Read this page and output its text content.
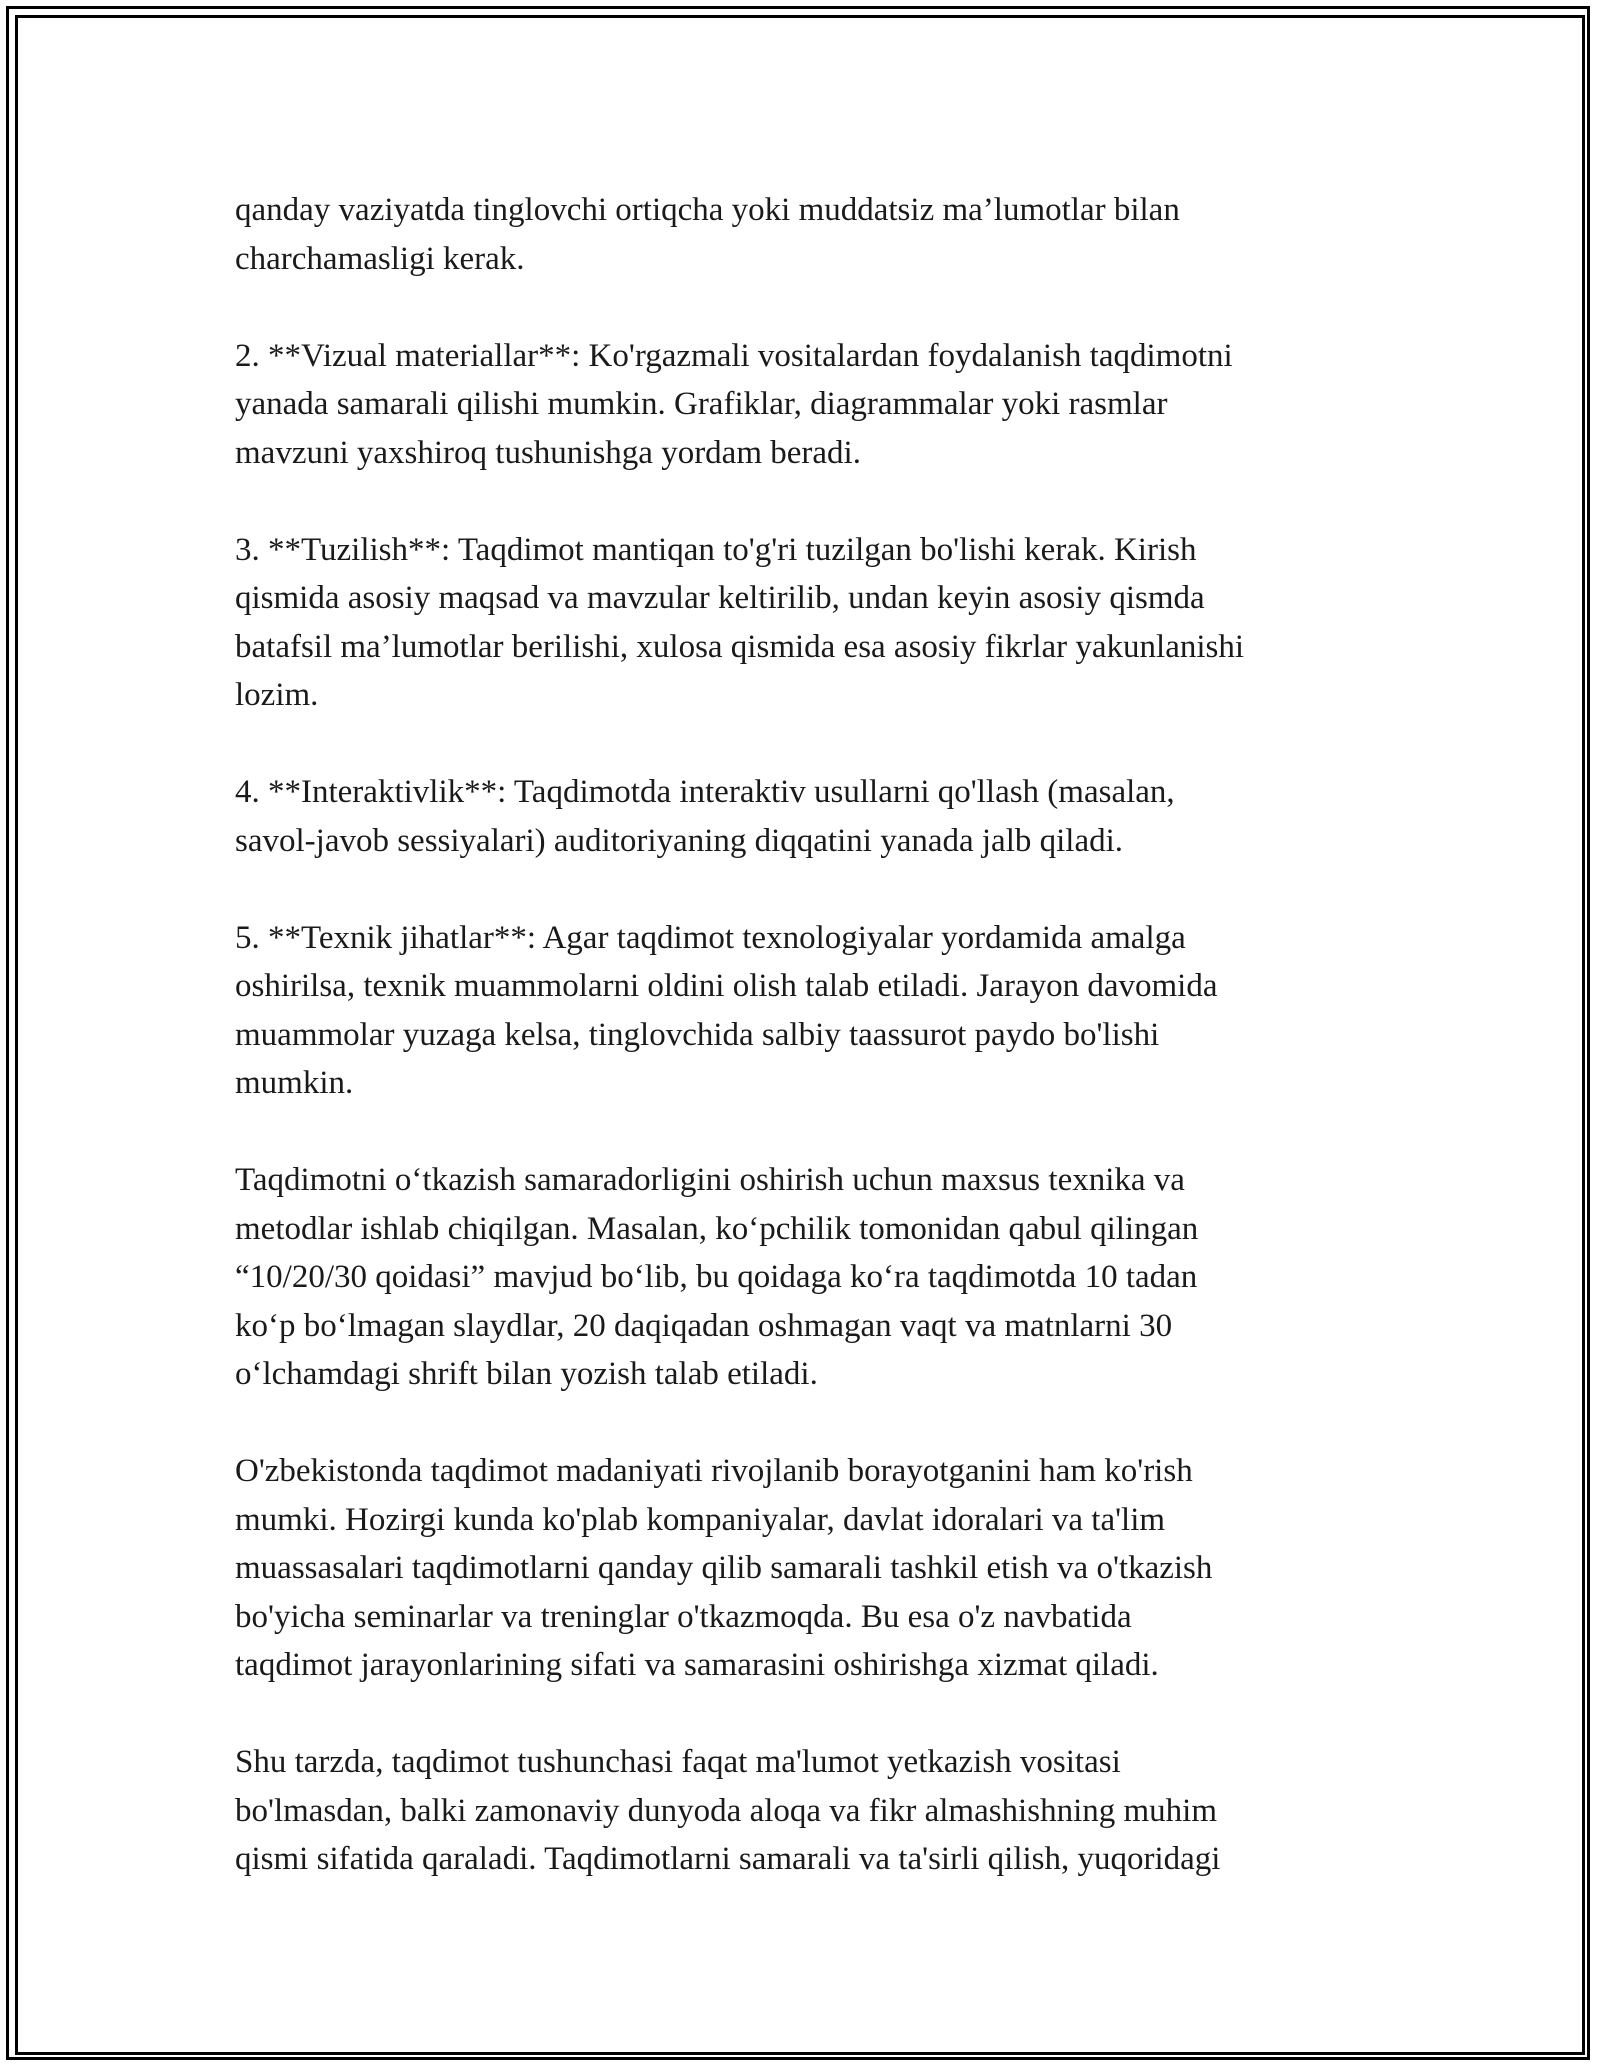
qanday vaziyatda tinglovchi ortiqcha yoki muddatsiz ma’lumotlar bilan
charchamasligi kerak.

2. **Vizual materiallar**: Ko'rgazmali vositalardan foydalanish taqdimotni
yanada samarali qilishi mumkin. Grafiklar, diagrammalar yoki rasmlar
mavzuni yaxshiroq tushunishga yordam beradi.

3. **Tuzilish**: Taqdimot mantiqan to'g'ri tuzilgan bo'lishi kerak. Kirish
qismida asosiy maqsad va mavzular keltirilib, undan keyin asosiy qismda
batafsil ma’lumotlar berilishi, xulosa qismida esa asosiy fikrlar yakunlanishi
lozim.

4. **Interaktivlik**: Taqdimotda interaktiv usullarni qo'llash (masalan,
savol-javob sessiyalari) auditoriyaning diqqatini yanada jalb qiladi.

5. **Texnik jihatlar**: Agar taqdimot texnologiyalar yordamida amalga
oshirilsa, texnik muammolarni oldini olish talab etiladi. Jarayon davomida
muammolar yuzaga kelsa, tinglovchida salbiy taassurot paydo bo'lishi
mumkin.

Taqdimotni o‘tkazish samaradorligini oshirish uchun maxsus texnika va
metodlar ishlab chiqilgan. Masalan, ko‘pchilik tomonidan qabul qilingan
“10/20/30 qoidasi” mavjud bo‘lib, bu qoidaga ko‘ra taqdimotda 10 tadan
ko‘p bo‘lmagan slaydlar, 20 daqiqadan oshmagan vaqt va matnlarni 30
o‘lchamdagi shrift bilan yozish talab etiladi.

O'zbekistonda taqdimot madaniyati rivojlanib borayotganini ham ko'rish
mumki. Hozirgi kunda ko'plab kompaniyalar, davlat idoralari va ta'lim
muassasalari taqdimotlarni qanday qilib samarali tashkil etish va o'tkazish
bo'yicha seminarlar va treninglar o'tkazmoqda. Bu esa o'z navbatida
taqdimot jarayonlarining sifati va samarasini oshirishga xizmat qiladi.

Shu tarzda, taqdimot tushunchasi faqat ma'lumot yetkazish vositasi
bo'lmasdan, balki zamonaviy dunyoda aloqa va fikr almashishning muhim
qismi sifatida qaraladi. Taqdimotlarni samarali va ta'sirli qilish, yuqoridagi
